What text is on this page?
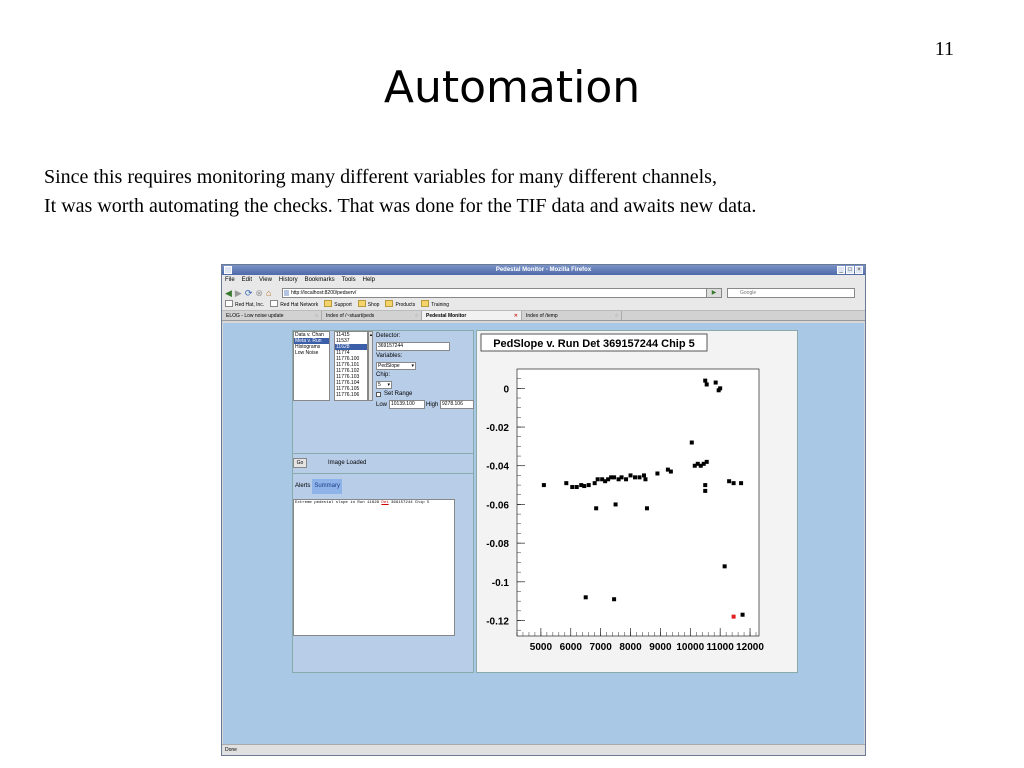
11
Automation
Since this requires monitoring many different variables for many different channels,
It was worth automating the checks. That was done for the TIF data and awaits new data.
Pedestal Monitor - Mozilla Firefox	_ □ ×
File Edit View History Bookmarks Tools Help
◀ ▶ ⟳ ⊗ ⌂	http://localhost:8200/pedserv/	▶	Google
Red Hat, Inc.	Red Hat Network	Support	Shop	Products	Training
ELOG - Low noise update	○	Index of /~stuart/peds	○	Pedestal Monitor	✕	Index of /temp	○
Data v. Chan
Meta v. Run
Histograms
Low Noise
11415
11537
11628
11774
11776.100
11776.101
11776.102
11776.103
11776.104
11776.105
11776.106
▲ Detector:
369157244
Variables:
PedSlope ▾
Chip:
5 ▾
Set Range
Low 10139.100	High 9278.106
Go	Image Loaded
Alerts Summary
Extreme pedestal slope in Run 11628 Det 369157244 Chip 5
PedSlope v. Run Det 369157244 Chip 5
0
-0.02
-0.04
-0.06
-0.08
-0.1
-0.12
5000 6000 7000 8000 9000 10000 11000 12000
Done
